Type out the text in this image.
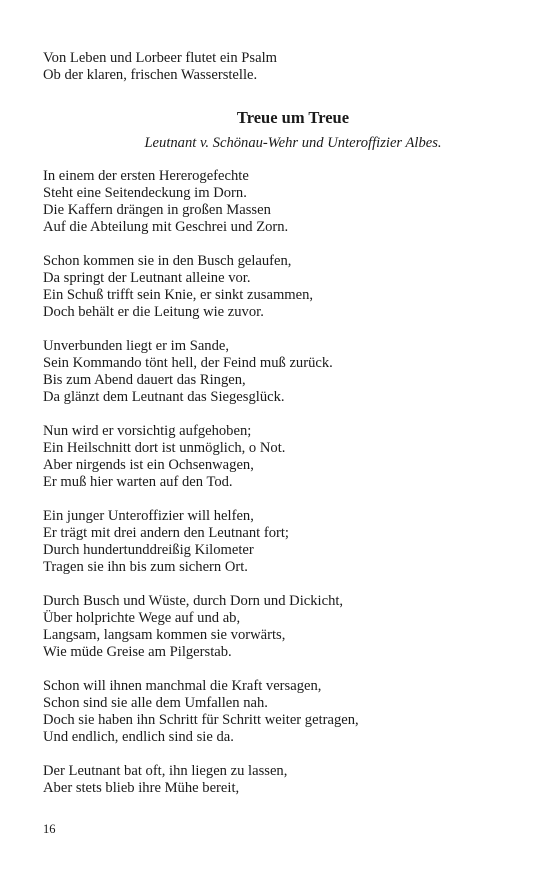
Von Leben und Lorbeer flutet ein Psalm
Ob der klaren, frischen Wasserstelle.
Treue um Treue
Leutnant v. Schönau-Wehr und Unteroffizier Albes.
In einem der ersten Hererogefechte
Steht eine Seitendeckung im Dorn.
Die Kaffern drängen in großen Massen
Auf die Abteilung mit Geschrei und Zorn.
Schon kommen sie in den Busch gelaufen,
Da springt der Leutnant alleine vor.
Ein Schuß trifft sein Knie, er sinkt zusammen,
Doch behält er die Leitung wie zuvor.
Unverbunden liegt er im Sande,
Sein Kommando tönt hell, der Feind muß zurück.
Bis zum Abend dauert das Ringen,
Da glänzt dem Leutnant das Siegesglück.
Nun wird er vorsichtig aufgehoben;
Ein Heilschnitt dort ist unmöglich, o Not.
Aber nirgends ist ein Ochsenwagen,
Er muß hier warten auf den Tod.
Ein junger Unteroffizier will helfen,
Er trägt mit drei andern den Leutnant fort;
Durch hundertunddreißig Kilometer
Tragen sie ihn bis zum sichern Ort.
Durch Busch und Wüste, durch Dorn und Dickicht,
Über holprichte Wege auf und ab,
Langsam, langsam kommen sie vorwärts,
Wie müde Greise am Pilgerstab.
Schon will ihnen manchmal die Kraft versagen,
Schon sind sie alle dem Umfallen nah.
Doch sie haben ihn Schritt für Schritt weiter getragen,
Und endlich, endlich sind sie da.
Der Leutnant bat oft, ihn liegen zu lassen,
Aber stets blieb ihre Mühe bereit,
16
